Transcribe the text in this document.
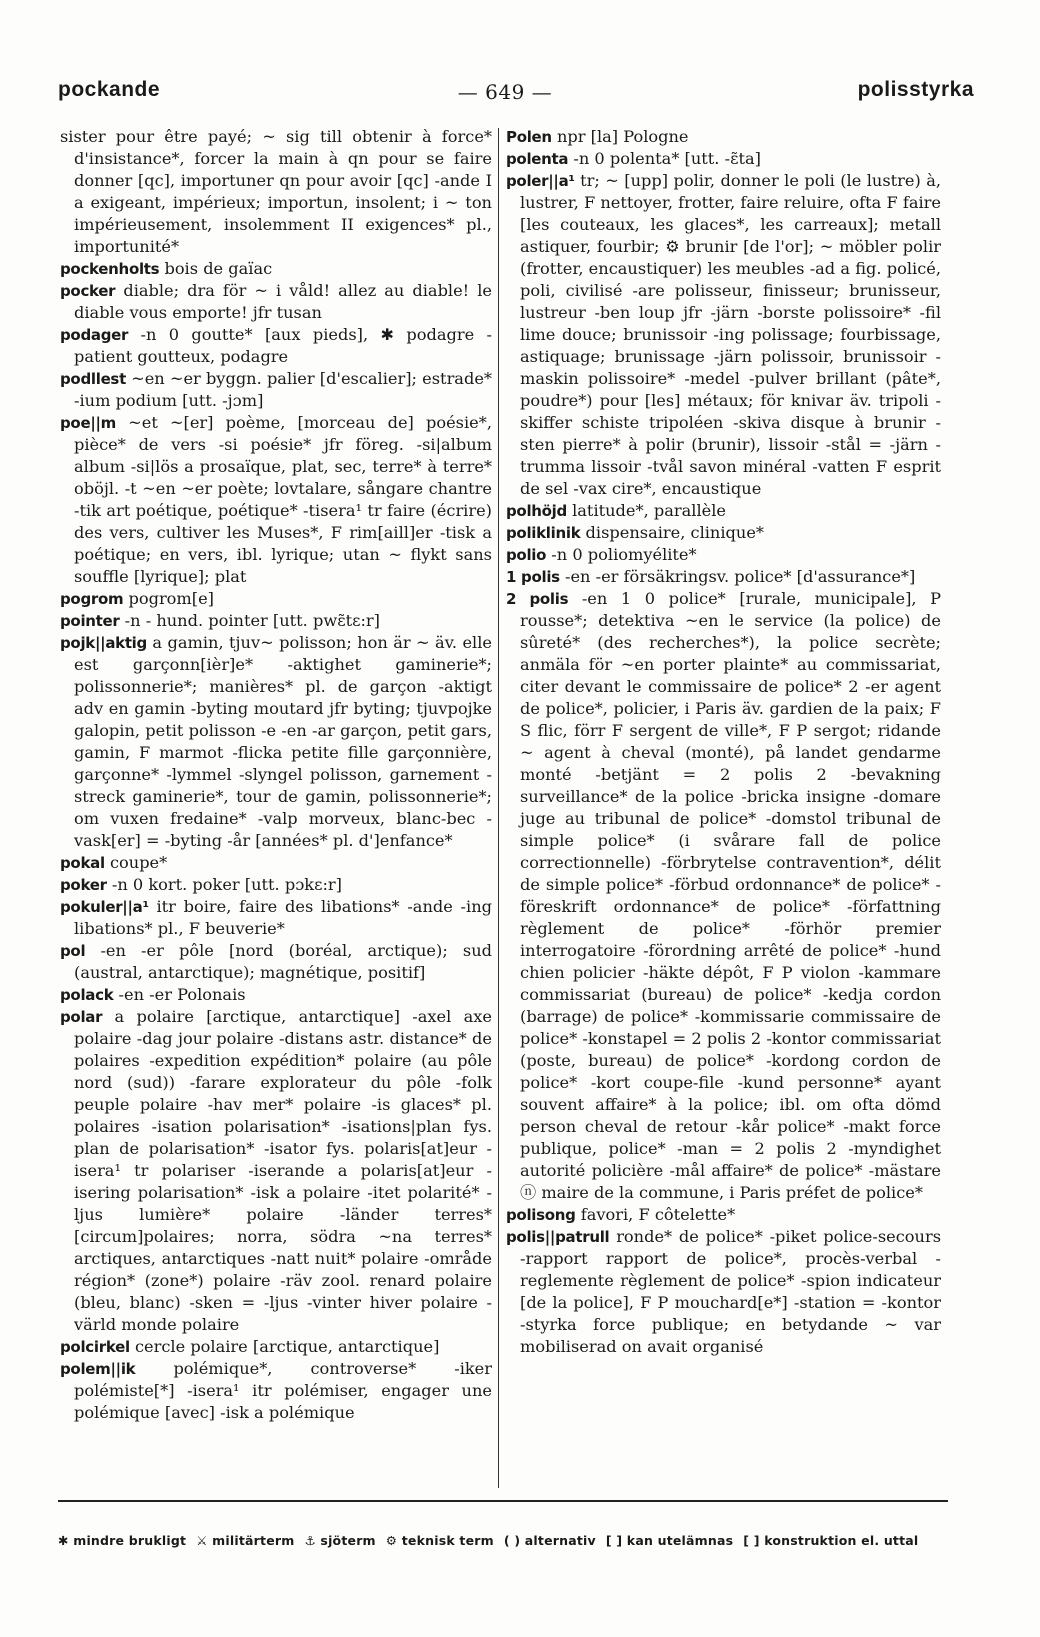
pockande	— 649 —	polisstyrka

sister pour être payé; ~ sig till obtenir à force* d'insistance*, forcer la main à qn pour se faire donner [qc], importuner qn pour avoir [qc] -ande I a exigeant, impérieux; importun, insolent; i ~ ton impérieusement, insolemment II exigences* pl., importunité*

pockenholts bois de gaïac

pocker diable; dra för ~ i våld! allez au diable! le diable vous emporte! jfr tusan

podager -n 0 goutte* [aux pieds], ✱ podagre -patient goutteux, podagre

podllest ~en ~er byggn. palier [d'escalier]; estrade* -ium podium [utt. -jɔm]

poe||m ~et ~[er] poème, [morceau de] poésie*, pièce* de vers -si poésie* jfr föreg. -si|album album -si|lös a prosaïque, plat, sec, terre* à terre* oböjl. -t ~en ~er poète; lovtalare, sångare chantre -tik art poétique, poétique* -tisera¹ tr faire (écrire) des vers, cultiver les Muses*, F rim[aill]er -tisk a poétique; en vers, ibl. lyrique; utan ~ flykt sans souffle [lyrique]; plat

pogrom pogrom[e]

pointer -n - hund. pointer [utt. pwɛ̃tɛ:r]

pojk||aktig a gamin, tjuv~ polisson; hon är ~ äv. elle est garçonn[ièr]e* -aktighet gaminerie*; polissonnerie*; manières* pl. de garçon -aktigt adv en gamin -byting moutard jfr byting; tjuvpojke galopin, petit polisson -e -en -ar garçon, petit gars, gamin, F marmot -flicka petite fille garçonnière, garçonne* -lymmel -slyngel polisson, garnement -streck gaminerie*, tour de gamin, polissonnerie*; om vuxen fredaine* -valp morveux, blanc-bec -vask[er] = -byting -år [années* pl. d']enfance*

pokal coupe*

poker -n 0 kort. poker [utt. pɔkɛ:r]

pokuler||a¹ itr boire, faire des libations* -ande -ing libations* pl., F beuverie*

pol -en -er pôle [nord (boréal, arctique); sud (austral, antarctique); magnétique, positif]

polack -en -er Polonais

polar a polaire [arctique, antarctique] -axel axe polaire -dag jour polaire -distans astr. distance* de polaires -expedition expédition* polaire (au pôle nord (sud)) -farare explorateur du pôle -folk peuple polaire -hav mer* polaire -is glaces* pl. polaires -isation polarisation* -isations|plan fys. plan de polarisation* -isator fys. polaris[at]eur -isera¹ tr polariser -iserande a polaris[at]eur -isering polarisation* -isk a polaire -itet polarité* -ljus lumière* polaire -länder terres* [circum]polaires; norra, södra ~na terres* arctiques, antarctiques -natt nuit* polaire -område région* (zone*) polaire -räv zool. renard polaire (bleu, blanc) -sken = -ljus -vinter hiver polaire -värld monde polaire

polcirkel cercle polaire [arctique, antarctique]

polem||ik polémique*, controverse* -iker polémiste[*] -isera¹ itr polémiser, engager une polémique [avec] -isk a polémique

Polen npr [la] Pologne

polenta -n 0 polenta* [utt. -ɛ̃ta]

poler||a¹ tr; ~ [upp] polir, donner le poli (le lustre) à, lustrer, F nettoyer, frotter, faire reluire, ofta F faire [les couteaux, les glaces*, les carreaux]; metall astiquer, fourbir; ⚙ brunir [de l'or]; ~ möbler polir (frotter, encaustiquer) les meubles -ad a fig. policé, poli, civilisé -are polisseur, finisseur; brunisseur, lustreur -ben loup jfr -järn -borste polissoire* -fil lime douce; brunissoir -ing polissage; fourbissage, astiquage; brunissage -järn polissoir, brunissoir -maskin polissoire* -medel -pulver brillant (pâte*, poudre*) pour [les] métaux; för knivar äv. tripoli -skiffer schiste tripoléen -skiva disque à brunir -sten pierre* à polir (brunir), lissoir -stål = -järn -trumma lissoir -tvål savon minéral -vatten F esprit de sel -vax cire*, encaustique

polhöjd latitude*, parallèle

poliklinik dispensaire, clinique*

polio -n 0 poliomyélite*

1 polis -en -er försäkringsv. police* [d'assurance*]

2 polis -en 1 0 police* [rurale, municipale], P rousse*; detektiva ~en le service (la police) de sûreté* (des recherches*), la police secrète; anmäla för ~en porter plainte* au commissariat, citer devant le commissaire de police* 2 -er agent de police*, policier, i Paris äv. gardien de la paix; F S flic, förr F sergent de ville*, F P sergot; ridande ~ agent à cheval (monté), på landet gendarme monté -betjänt = 2 polis 2 -bevakning surveillance* de la police -bricka insigne -domare juge au tribunal de police* -domstol tribunal de simple police* (i svårare fall de police correctionnelle) -förbrytelse contravention*, délit de simple police* -förbud ordonnance* de police* -föreskrift ordonnance* de police* -författning règlement de police* -förhör premier interrogatoire -förordning arrêté de police* -hund chien policier -häkte dépôt, F P violon -kammare commissariat (bureau) de police* -kedja cordon (barrage) de police* -kommissarie commissaire de police* -konstapel = 2 polis 2 -kontor commissariat (poste, bureau) de police* -kordong cordon de police* -kort coupe-file -kund personne* ayant souvent affaire* à la police; ibl. om ofta dömd person cheval de retour -kår police* -makt force publique, police* -man = 2 polis 2 -myndighet autorité policière -mål affaire* de police* -mästare ⓝ maire de la commune, i Paris préfet de police*

polisong favori, F côtelette*

polis||patrull ronde* de police* -piket police-secours -rapport rapport de police*, procès-verbal -reglemente règlement de police* -spion indicateur [de la police], F P mouchard[e*] -station = -kontor -styrka force publique; en betydande ~ var mobiliserad on avait organisé

✱ mindre brukligt ⚔ militärterm ⚓ sjöterm ⚙ teknisk term ( ) alternativ [ ] kan utelämnas [ ] konstruktion el. uttal
